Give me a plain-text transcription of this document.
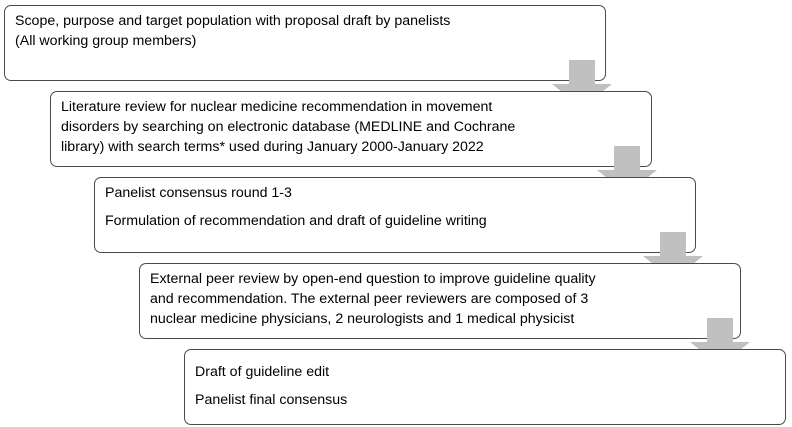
Scope, purpose and target population with proposal draft by panelists

(All working group members)

Literature review for nuclear medicine recommendation in movement

disorders by searching on electronic database (MEDLINE and Cochrane

library) with search terms* used during January 2000-January 2022

Panelist consensus round 1-3

Formulation of recommendation and draft of guideline writing

External peer review by open-end question to improve guideline quality

and recommendation. The external peer reviewers are composed of 3

nuclear medicine physicians, 2 neurologists and 1 medical physicist

Draft of guideline edit

Panelist final consensus
